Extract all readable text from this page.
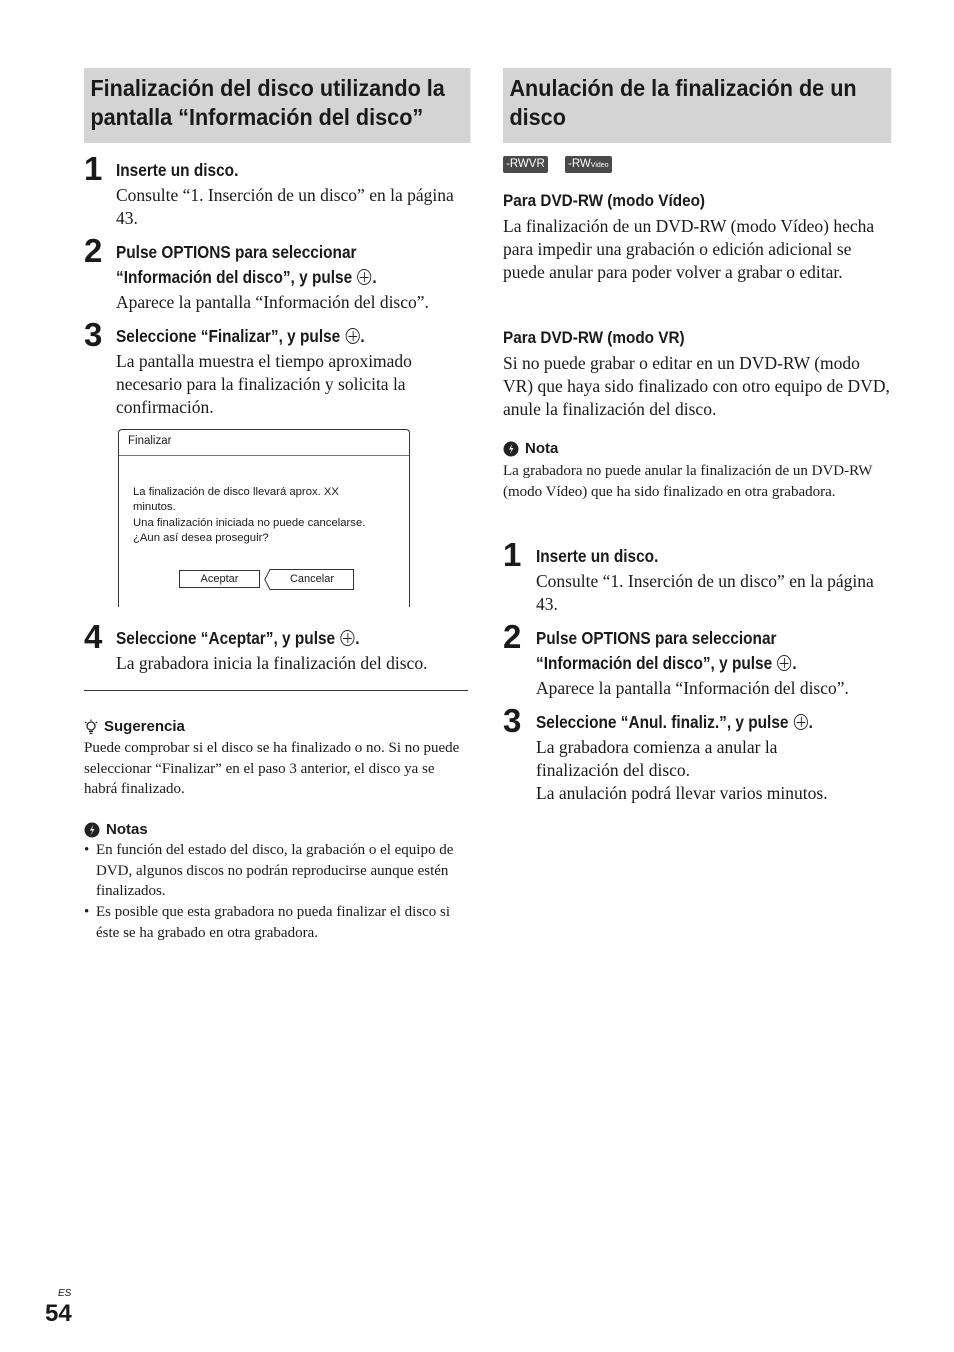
Finalización del disco utilizando la pantalla “Información del disco”
1 Inserte un disco.
Consulte “1. Inserción de un disco” en la página 43.
2 Pulse OPTIONS para seleccionar
“Información del disco”, y pulse .
Aparece la pantalla “Información del disco”.
3 Seleccione “Finalizar”, y pulse .
La pantalla muestra el tiempo aproximado necesario para la finalización y solicita la confirmación.
4 Seleccione “Aceptar”, y pulse .
La grabadora inicia la finalización del disco.
Sugerencia
Puede comprobar si el disco se ha finalizado o no. Si no puede seleccionar “Finalizar” en el paso 3 anterior, el disco ya se habrá finalizado.
Notas
• En función del estado del disco, la grabación o el equipo de DVD, algunos discos no podrán reproducirse aunque estén finalizados.
• Es posible que esta grabadora no pueda finalizar el disco si éste se ha grabado en otra grabadora.
Finalizar
La finalización de disco llevará aprox. XX
minutos.
Una finalización iniciada no puede cancelarse.
¿Aun así desea proseguir?
Aceptar	Cancelar
Anulación de la finalización de un disco
-RWVR -RWVideo
Para DVD-RW (modo Vídeo)
La finalización de un DVD-RW (modo Vídeo) hecha para impedir una grabación o edición adicional se puede anular para poder volver a grabar o editar.
Para DVD-RW (modo VR)
Si no puede grabar o editar en un DVD-RW (modo VR) que haya sido finalizado con otro equipo de DVD, anule la finalización del disco.
Nota
La grabadora no puede anular la finalización de un DVD-RW (modo Vídeo) que ha sido finalizado en otra grabadora.
1 Inserte un disco.
Consulte “1. Inserción de un disco” en la página 43.
2 Pulse OPTIONS para seleccionar
“Información del disco”, y pulse .
Aparece la pantalla “Información del disco”.
3 Seleccione “Anul. finaliz.”, y pulse .
La grabadora comienza a anular la finalización del disco.
La anulación podrá llevar varios minutos.
ES
54
